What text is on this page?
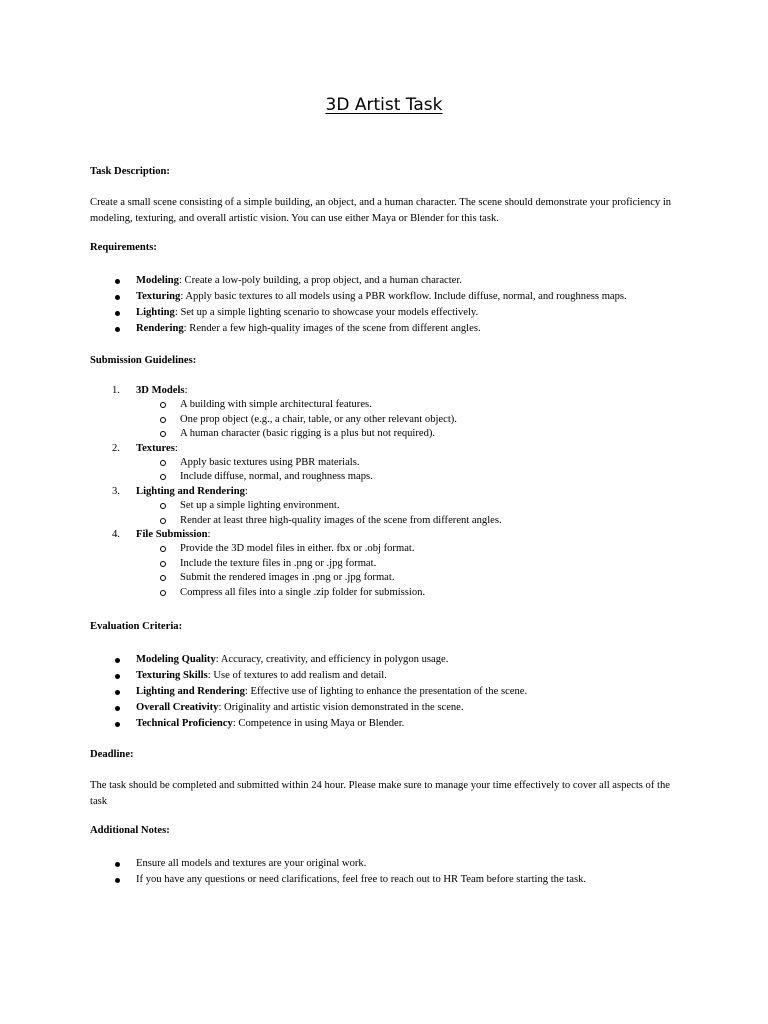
3D Artist Task
Task Description:
Create a small scene consisting of a simple building, an object, and a human character. The scene should demonstrate your proficiency in modeling, texturing, and overall artistic vision. You can use either Maya or Blender for this task.
Requirements:
Modeling: Create a low-poly building, a prop object, and a human character.
Texturing: Apply basic textures to all models using a PBR workflow. Include diffuse, normal, and roughness maps.
Lighting: Set up a simple lighting scenario to showcase your models effectively.
Rendering: Render a few high-quality images of the scene from different angles.
Submission Guidelines:
1. 3D Models:
A building with simple architectural features.
One prop object (e.g., a chair, table, or any other relevant object).
A human character (basic rigging is a plus but not required).
2. Textures:
Apply basic textures using PBR materials.
Include diffuse, normal, and roughness maps.
3. Lighting and Rendering:
Set up a simple lighting environment.
Render at least three high-quality images of the scene from different angles.
4. File Submission:
Provide the 3D model files in either. fbx or .obj format.
Include the texture files in .png or .jpg format.
Submit the rendered images in .png or .jpg format.
Compress all files into a single .zip folder for submission.
Evaluation Criteria:
Modeling Quality: Accuracy, creativity, and efficiency in polygon usage.
Texturing Skills: Use of textures to add realism and detail.
Lighting and Rendering: Effective use of lighting to enhance the presentation of the scene.
Overall Creativity: Originality and artistic vision demonstrated in the scene.
Technical Proficiency: Competence in using Maya or Blender.
Deadline:
The task should be completed and submitted within 24 hour. Please make sure to manage your time effectively to cover all aspects of the task
Additional Notes:
Ensure all models and textures are your original work.
If you have any questions or need clarifications, feel free to reach out to HR Team before starting the task.
